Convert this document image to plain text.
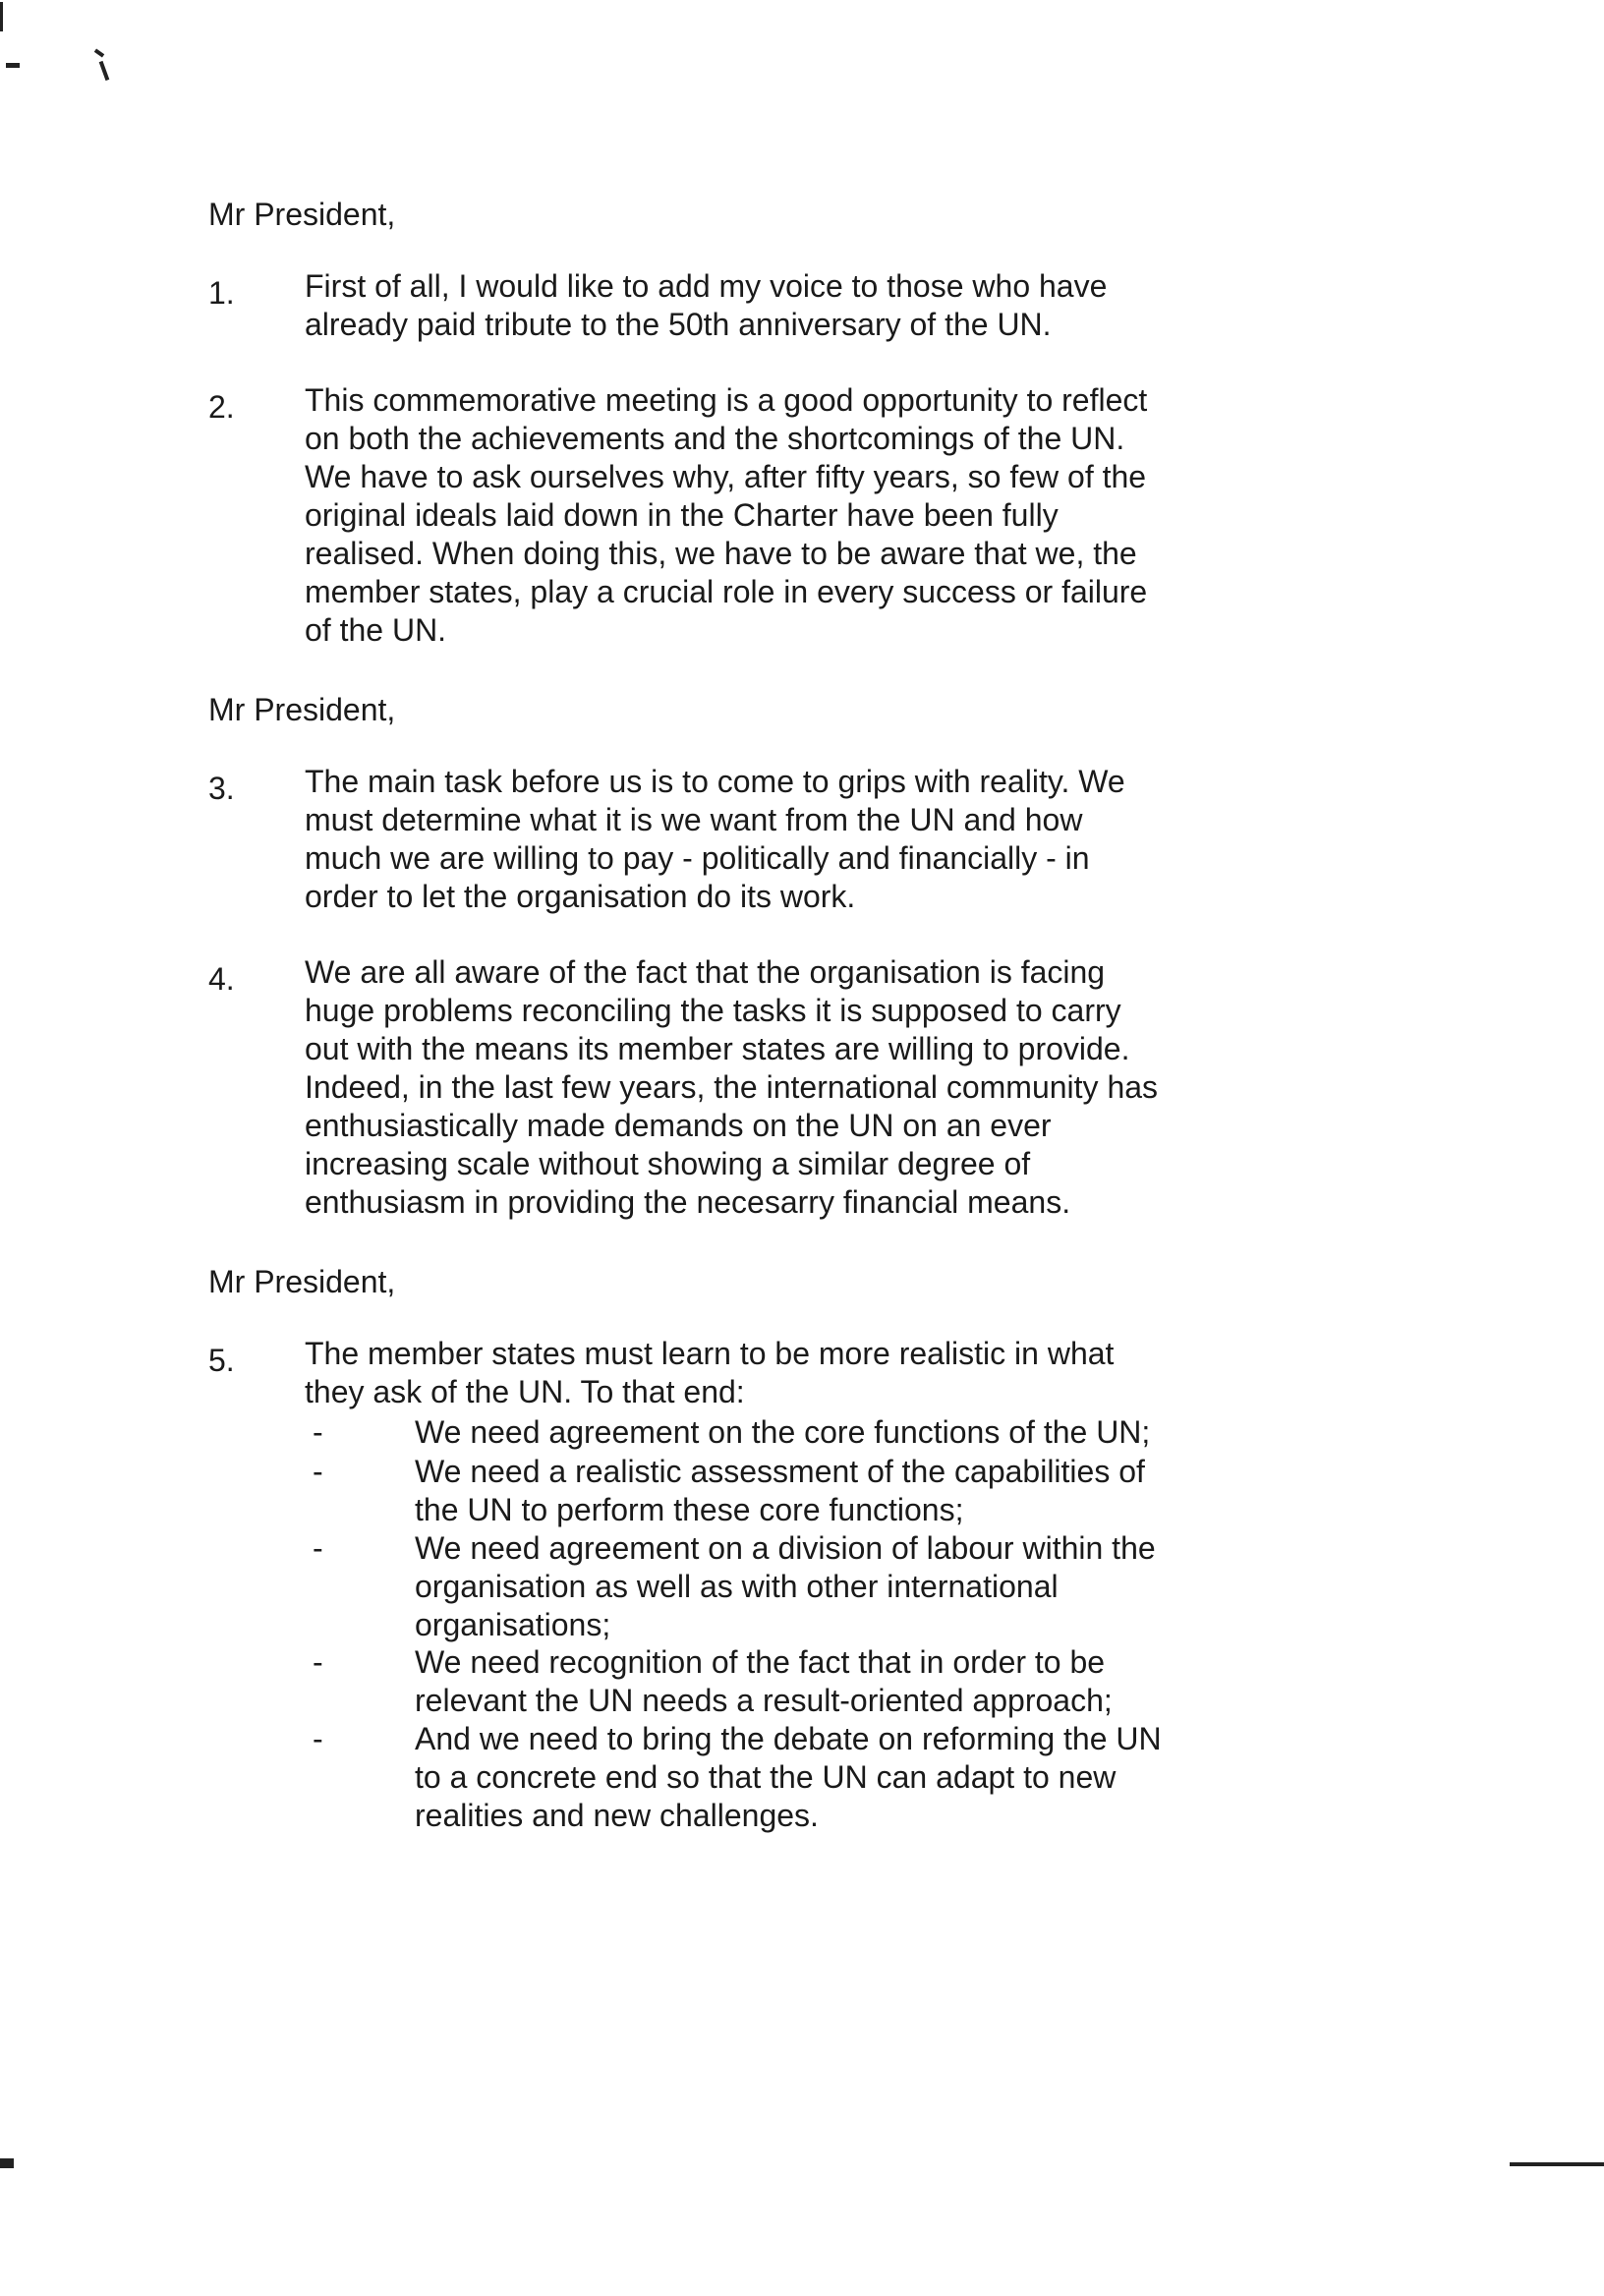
Mr President,
1. First of all, I would like to add my voice to those who have
already paid tribute to the 50th anniversary of the UN.
2. This commemorative meeting is a good opportunity to reflect
on both the achievements and the shortcomings of the UN.
We have to ask ourselves why, after fifty years, so few of the
original ideals laid down in the Charter have been fully
realised. When doing this, we have to be aware that we, the
member states, play a crucial role in every success or failure
of the UN.
Mr President,
3. The main task before us is to come to grips with reality. We
must determine what it is we want from the UN and how
much we are willing to pay - politically and financially - in
order to let the organisation do its work.
4. We are all aware of the fact that the organisation is facing
huge problems reconciling the tasks it is supposed to carry
out with the means its member states are willing to provide.
Indeed, in the last few years, the international community has
enthusiastically made demands on the UN on an ever
increasing scale without showing a similar degree of
enthusiasm in providing the necesarry financial means.
Mr President,
5. The member states must learn to be more realistic in what
they ask of the UN. To that end:
-	We need agreement on the core functions of the UN;
-	We need a realistic assessment of the capabilities of
the UN to perform these core functions;
-	We need agreement on a division of labour within the
organisation as well as with other international
organisations;
-	We need recognition of the fact that in order to be
relevant the UN needs a result-oriented approach;
-	And we need to bring the debate on reforming the UN
to a concrete end so that the UN can adapt to new
realities and new challenges.
